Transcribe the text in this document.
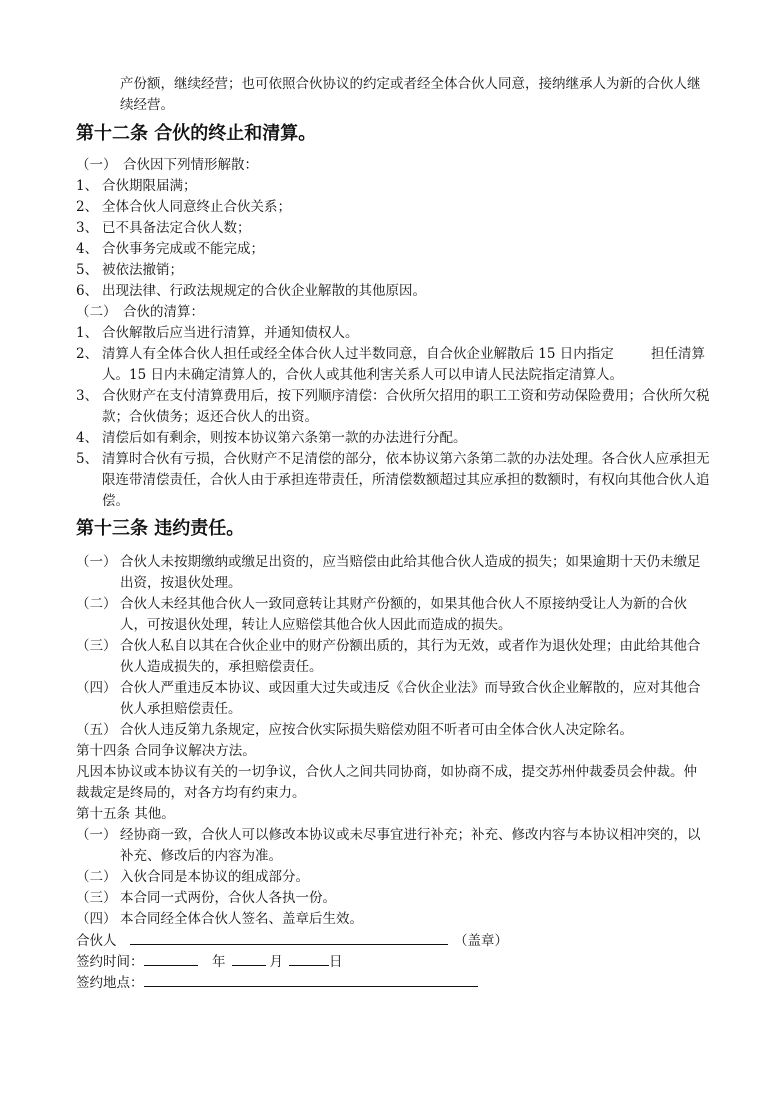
产份额，继续经营；也可依照合伙协议的约定或者经全体合伙人同意，接纳继承人为新的合伙人继
续经营。
第十二条 合伙的终止和清算。
（一） 合伙因下列情形解散：
1、 合伙期限届满；
2、 全体合伙人同意终止合伙关系；
3、 已不具备法定合伙人数；
4、 合伙事务完成或不能完成；
5、 被依法撤销；
6、 出现法律、行政法规规定的合伙企业解散的其他原因。
（二） 合伙的清算：
1、 合伙解散后应当进行清算，并通知债权人。
2、 清算人有全体合伙人担任或经全体合伙人过半数同意，自合伙企业解散后 15 日内指定	担任清算
人。15 日内未确定清算人的，合伙人或其他利害关系人可以申请人民法院指定清算人。
3、 合伙财产在支付清算费用后，按下列顺序清偿：合伙所欠招用的职工工资和劳动保险费用；合伙所欠税
款；合伙债务；返还合伙人的出资。
4、 清偿后如有剩余，则按本协议第六条第一款的办法进行分配。
5、 清算时合伙有亏损，合伙财产不足清偿的部分，依本协议第六条第二款的办法处理。各合伙人应承担无
限连带清偿责任，合伙人由于承担连带责任，所清偿数额超过其应承担的数额时，有权向其他合伙人追
偿。
第十三条 违约责任。
（一） 合伙人未按期缴纳或缴足出资的，应当赔偿由此给其他合伙人造成的损失；如果逾期十天仍未缴足
出资，按退伙处理。
（二） 合伙人未经其他合伙人一致同意转让其财产份额的，如果其他合伙人不原接纳受让人为新的合伙
人，可按退伙处理，转让人应赔偿其他合伙人因此而造成的损失。
（三） 合伙人私自以其在合伙企业中的财产份额出质的，其行为无效，或者作为退伙处理；由此给其他合
伙人造成损失的，承担赔偿责任。
（四） 合伙人严重违反本协议、或因重大过失或违反《合伙企业法》而导致合伙企业解散的，应对其他合
伙人承担赔偿责任。
（五） 合伙人违反第九条规定，应按合伙实际损失赔偿劝阻不听者可由全体合伙人决定除名。
第十四条 合同争议解决方法。
凡因本协议或本协议有关的一切争议，合伙人之间共同协商，如协商不成，提交苏州仲裁委员会仲裁。仲
裁裁定是终局的，对各方均有约束力。
第十五条 其他。
（一） 经协商一致，合伙人可以修改本协议或未尽事宜进行补充；补充、修改内容与本协议相冲突的，以
补充、修改后的内容为准。
（二） 入伙合同是本协议的组成部分。
（三） 本合同一式两份，合伙人各执一份。
（四） 本合同经全体合伙人签名、盖章后生效。
合伙人	（盖章）
签约时间：	年	月	日
签约地点：
